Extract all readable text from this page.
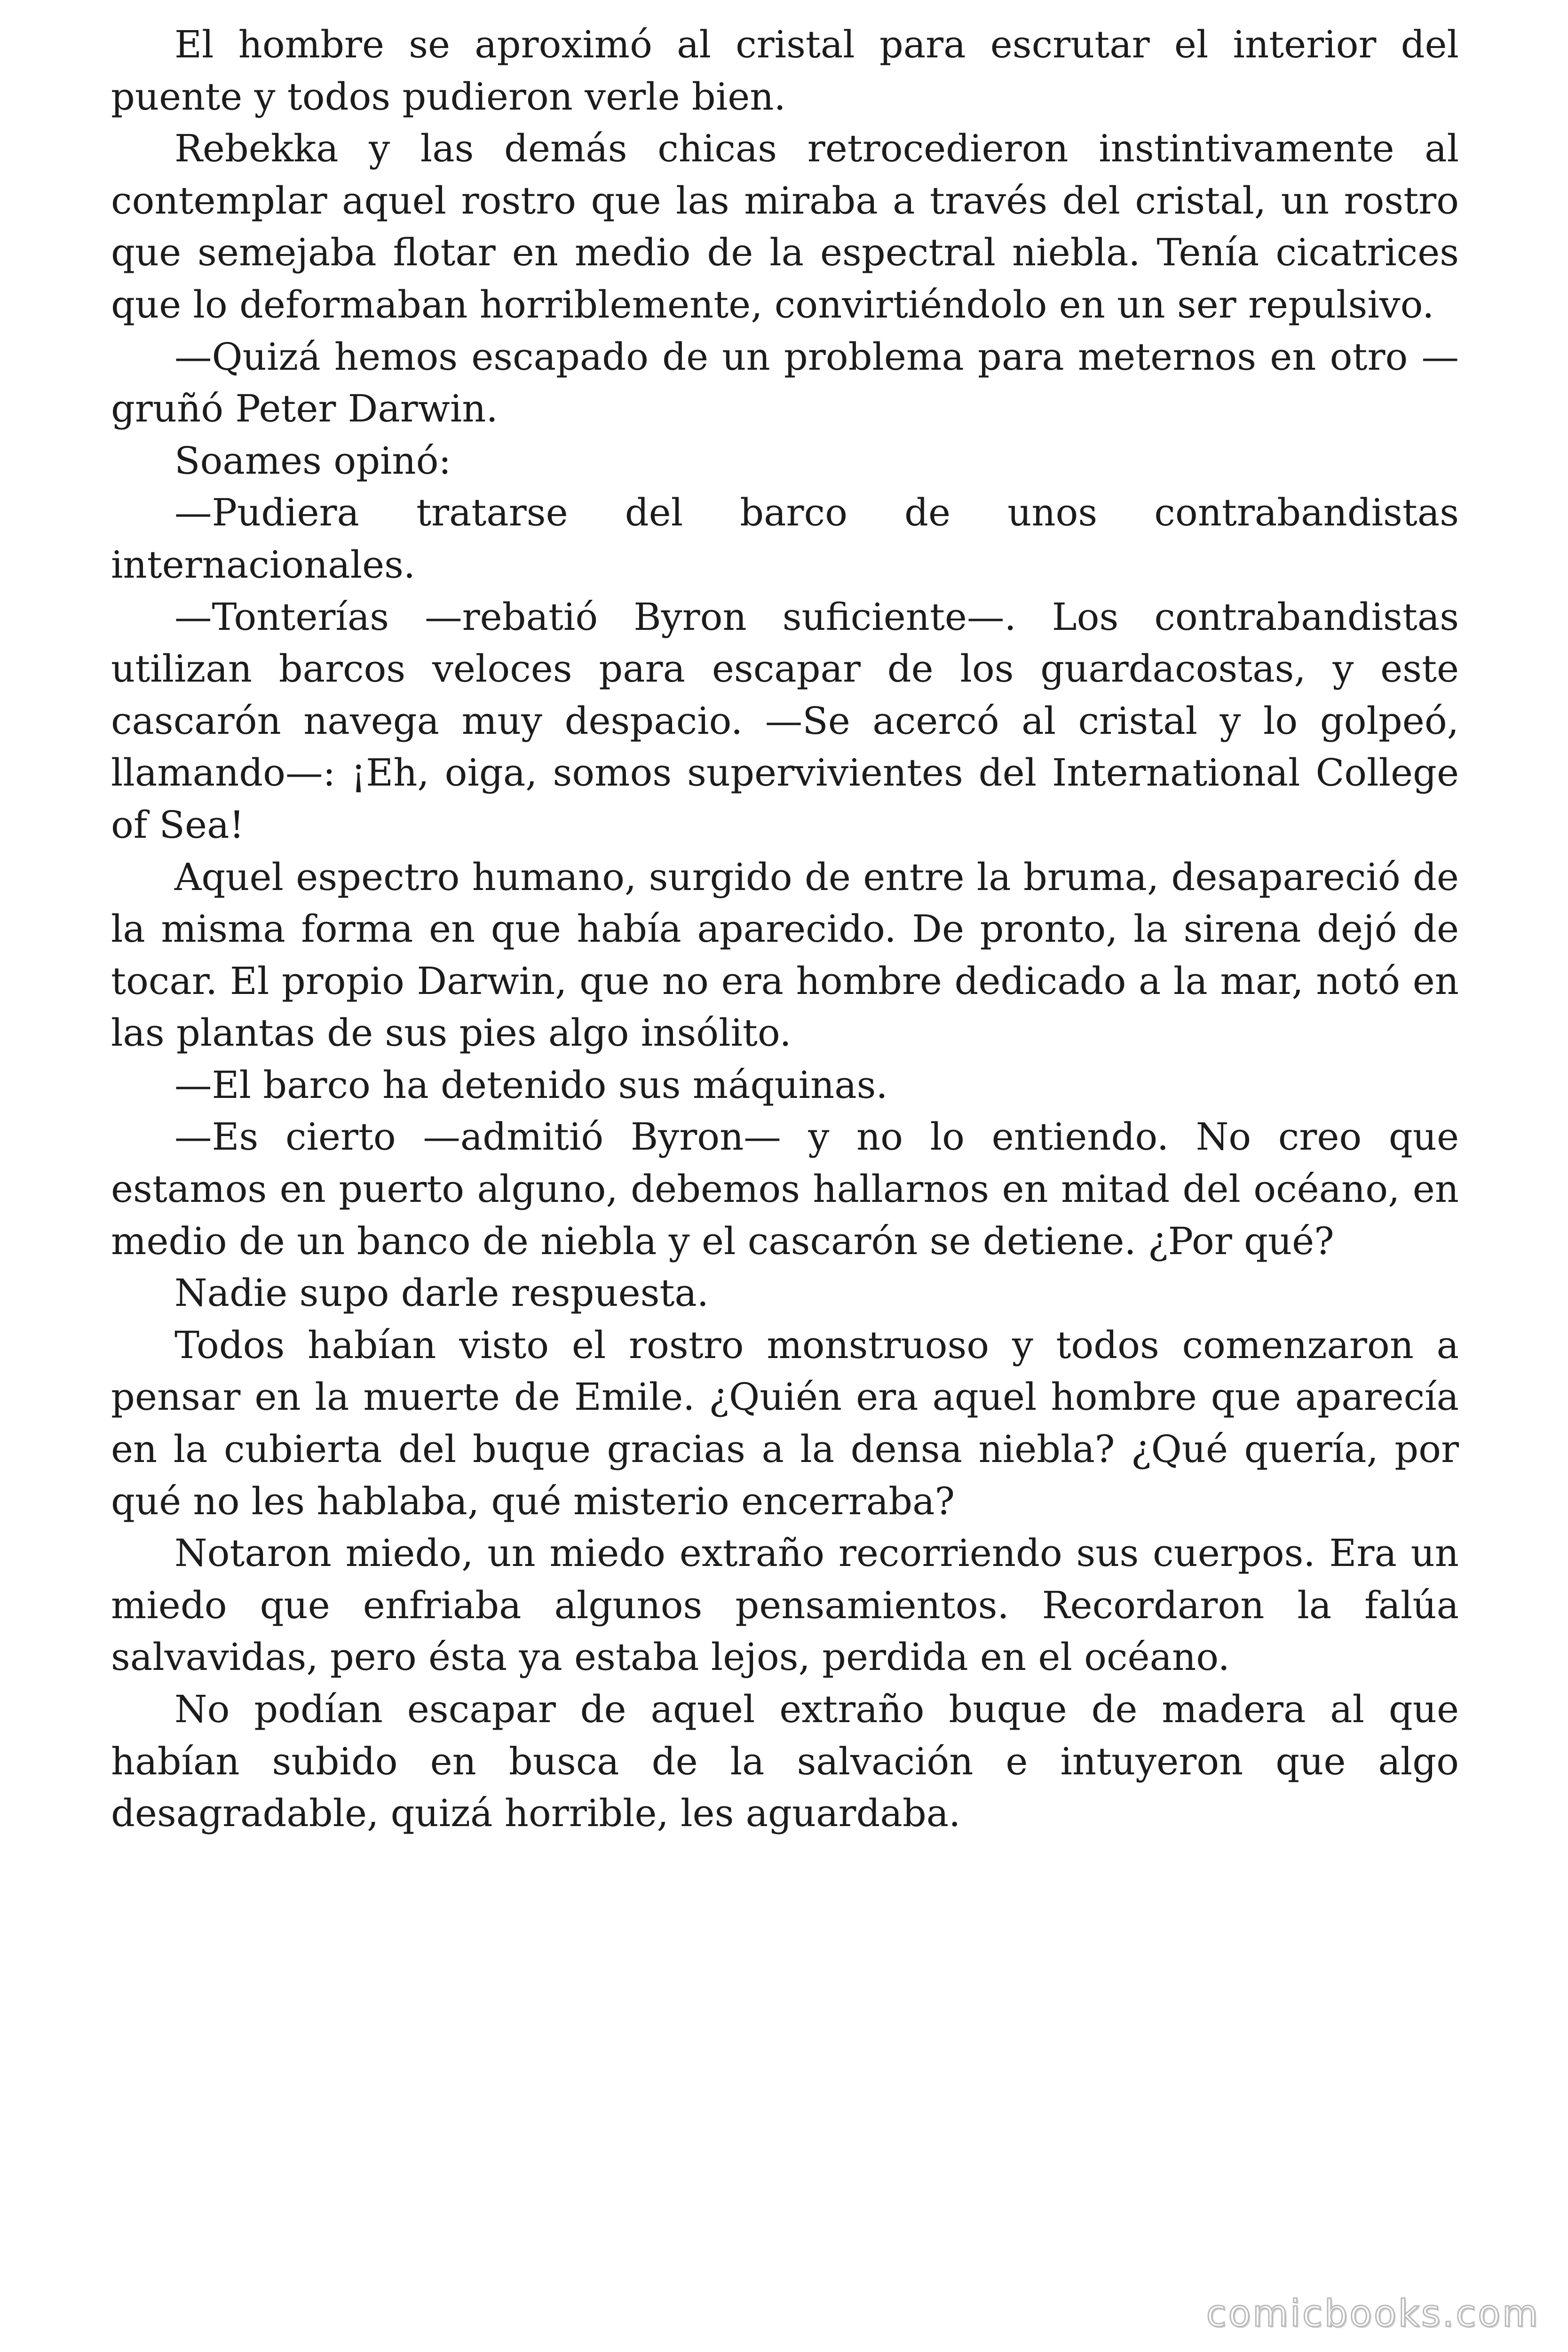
El hombre se aproximó al cristal para escrutar el interior del puente y todos pudieron verle bien.

Rebekka y las demás chicas retrocedieron instintivamente al contemplar aquel rostro que las miraba a través del cristal, un rostro que semejaba flotar en medio de la espectral niebla. Tenía cicatrices que lo deformaban horriblemente, convirtiéndolo en un ser repulsivo.

—Quizá hemos escapado de un problema para meternos en otro —gruñó Peter Darwin.

Soames opinó:

—Pudiera tratarse del barco de unos contrabandistas internacionales.

—Tonterías —rebatió Byron suficiente—. Los contrabandistas utilizan barcos veloces para escapar de los guardacostas, y este cascarón navega muy despacio. —Se acercó al cristal y lo golpeó, llamando—: ¡Eh, oiga, somos supervivientes del International College of Sea!

Aquel espectro humano, surgido de entre la bruma, desapareció de la misma forma en que había aparecido. De pronto, la sirena dejó de tocar. El propio Darwin, que no era hombre dedicado a la mar, notó en las plantas de sus pies algo insólito.

—El barco ha detenido sus máquinas.

—Es cierto —admitió Byron— y no lo entiendo. No creo que estamos en puerto alguno, debemos hallarnos en mitad del océano, en medio de un banco de niebla y el cascarón se detiene. ¿Por qué?

Nadie supo darle respuesta.

Todos habían visto el rostro monstruoso y todos comenzaron a pensar en la muerte de Emile. ¿Quién era aquel hombre que aparecía en la cubierta del buque gracias a la densa niebla? ¿Qué quería, por qué no les hablaba, qué misterio encerraba?

Notaron miedo, un miedo extraño recorriendo sus cuerpos. Era un miedo que enfriaba algunos pensamientos. Recordaron la falúa salvavidas, pero ésta ya estaba lejos, perdida en el océano.

No podían escapar de aquel extraño buque de madera al que habían subido en busca de la salvación e intuyeron que algo desagradable, quizá horrible, les aguardaba.

comicbooks.com
